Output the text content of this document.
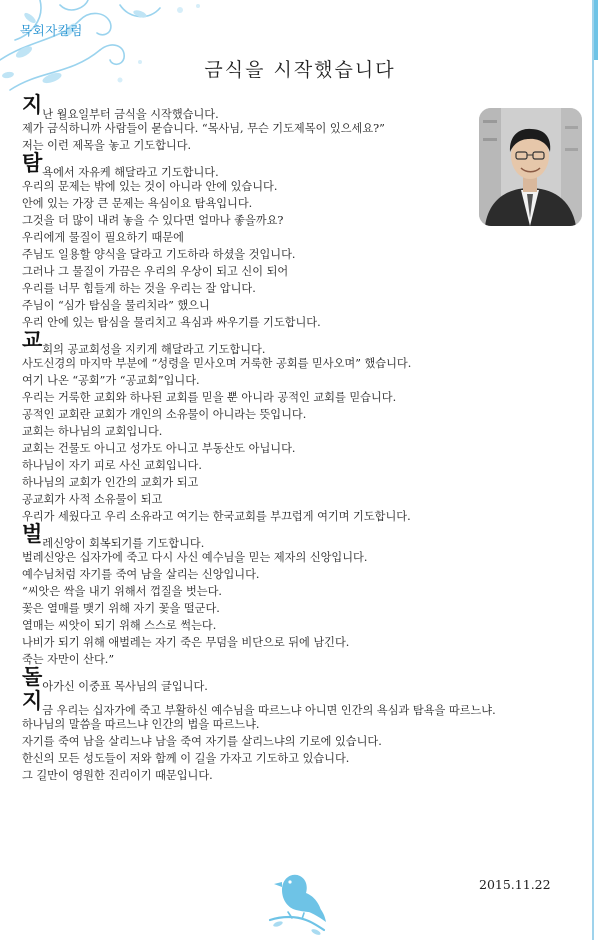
목회자칼럼
금식을 시작했습니다
지난 월요일부터 금식을 시작했습니다.
제가 금식하니까 사람들이 묻습니다. “목사님, 무슨 기도제목이 있으세요?”
저는 이런 제목을 놓고 기도합니다.
탐욕에서 자유케 해달라고 기도합니다.
우리의 문제는 밖에 있는 것이 아니라 안에 있습니다.
안에 있는 가장 큰 문제는 욕심이요 탐욕입니다.
그것을 더 많이 내려 놓을 수 있다면 얼마나 좋을까요?
우리에게 물질이 필요하기 때문에
주님도 일용할 양식을 달라고 기도하라 하셨을 것입니다.
그러나 그 물질이 가끔은 우리의 우상이 되고 신이 되어
우리를 너무 힘들게 하는 것을 우리는 잘 압니다.
주님이 “심가 탐심을 물리치라” 했으니
우리 안에 있는 탐심을 물리치고 욕심과 싸우기를 기도합니다.
교회의 공교회성을 지키게 해달라고 기도합니다.
사도신경의 마지막 부분에 “성령을 믿사오며 거룩한 공회를 믿사오며” 했습니다.
여기 나온 “공회”가 “공교회”입니다.
우리는 거룩한 교회와 하나된 교회를 믿을 뿐 아니라 공적인 교회를 믿습니다.
공적인 교회란 교회가 개인의 소유물이 아니라는 뜻입니다.
교회는 하나님의 교회입니다.
교회는 건물도 아니고 성가도 아니고 부동산도 아닙니다.
하나님이 자기 피로 사신 교회입니다.
하나님의 교회가 인간의 교회가 되고
공교회가 사적 소유물이 되고
우리가 세웠다고 우리 소유라고 여기는 한국교회를 부끄럽게 여기며 기도합니다.
벌레신앙이 회복되기를 기도합니다.
벌레신앙은 십자가에 죽고 다시 사신 예수님을 믿는 제자의 신앙입니다.
예수님처럼 자기를 죽여 남을 살리는 신앙입니다.
“씨앗은 싹을 내기 위해서 껍질을 벗는다.
꽃은 열매를 맺기 위해 자기 꽃을 떨군다.
열매는 씨앗이 되기 위해 스스로 썩는다.
나비가 되기 위해 애벌레는 자기 죽은 무덤을 비단으로 뒤에 남긴다.
죽는 자만이 산다.”
돌아가신 이중표 목사님의 글입니다.
지금 우리는 십자가에 죽고 부활하신 예수님을 따르느냐 아니면 인간의 욕심과 탐욕을 따르느냐.
하나님의 말씀을 따르느냐 인간의 법을 따르느냐.
자기를 죽여 남을 살리느냐 남을 죽여 자기를 살리느냐의 기로에 있습니다.
한신의 모든 성도들이 저와 함께 이 길을 가자고 기도하고 있습니다.
그 길만이 영원한 진리이기 때문입니다.
2015.11.22
